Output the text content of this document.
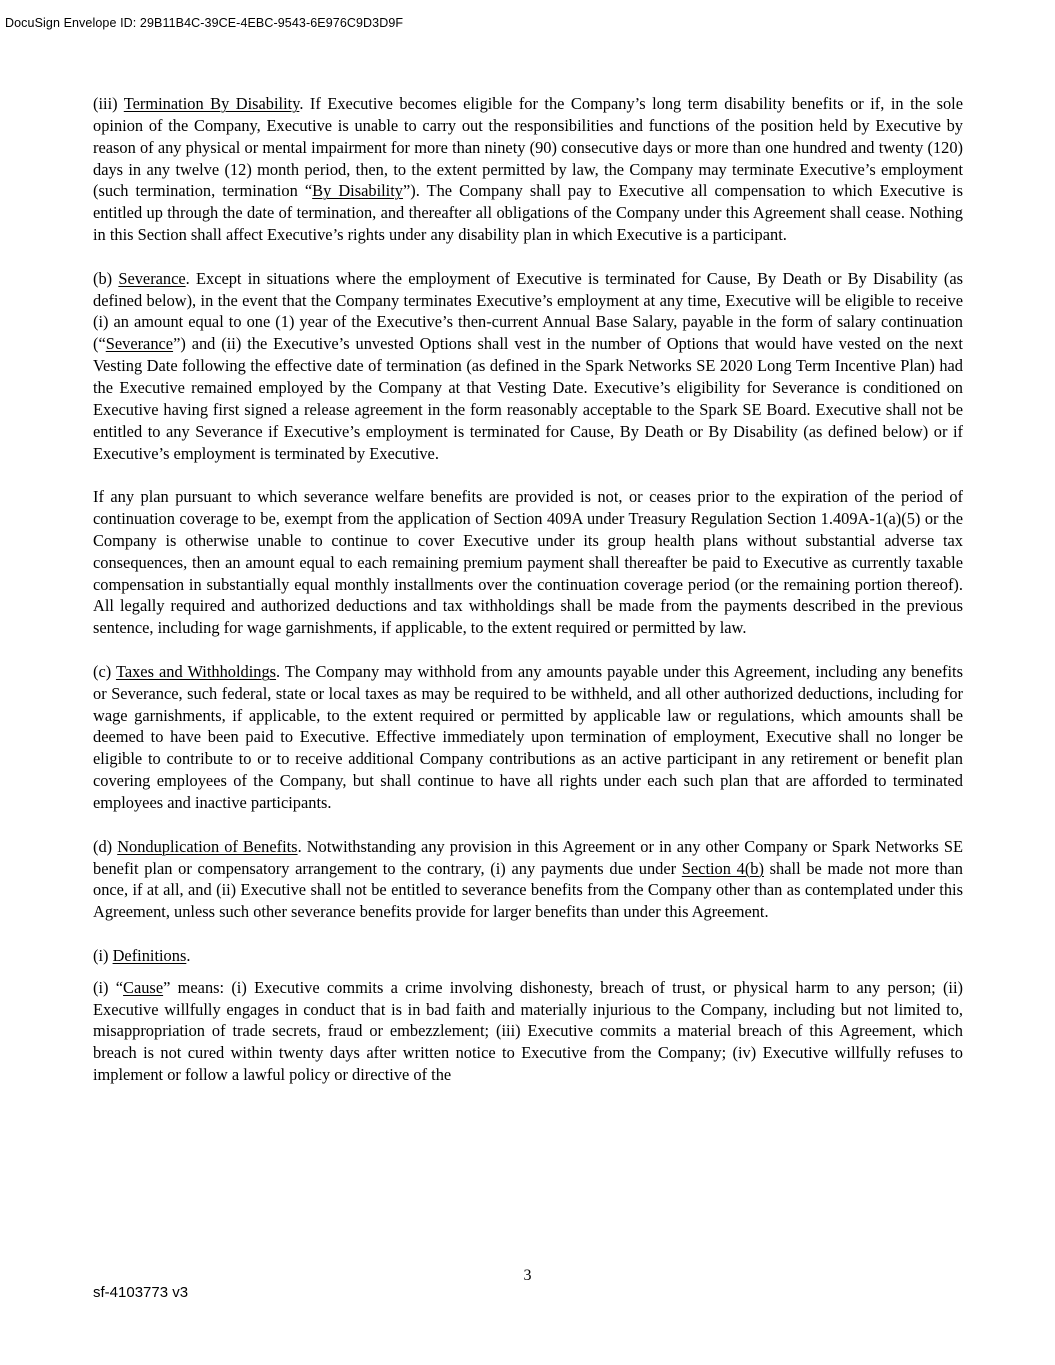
DocuSign Envelope ID: 29B11B4C-39CE-4EBC-9543-6E976C9D3D9F

(iii) Termination By Disability. If Executive becomes eligible for the Company’s long term disability benefits or if, in the sole opinion of the Company, Executive is unable to carry out the responsibilities and functions of the position held by Executive by reason of any physical or mental impairment for more than ninety (90) consecutive days or more than one hundred and twenty (120) days in any twelve (12) month period, then, to the extent permitted by law, the Company may terminate Executive’s employment (such termination, termination “By Disability”). The Company shall pay to Executive all compensation to which Executive is entitled up through the date of termination, and thereafter all obligations of the Company under this Agreement shall cease. Nothing in this Section shall affect Executive’s rights under any disability plan in which Executive is a participant.

(b) Severance. Except in situations where the employment of Executive is terminated for Cause, By Death or By Disability (as defined below), in the event that the Company terminates Executive’s employment at any time, Executive will be eligible to receive (i) an amount equal to one (1) year of the Executive’s then-current Annual Base Salary, payable in the form of salary continuation (“Severance”) and (ii) the Executive’s unvested Options shall vest in the number of Options that would have vested on the next Vesting Date following the effective date of termination (as defined in the Spark Networks SE 2020 Long Term Incentive Plan) had the Executive remained employed by the Company at that Vesting Date. Executive’s eligibility for Severance is conditioned on Executive having first signed a release agreement in the form reasonably acceptable to the Spark SE Board. Executive shall not be entitled to any Severance if Executive’s employment is terminated for Cause, By Death or By Disability (as defined below) or if Executive’s employment is terminated by Executive.

If any plan pursuant to which severance welfare benefits are provided is not, or ceases prior to the expiration of the period of continuation coverage to be, exempt from the application of Section 409A under Treasury Regulation Section 1.409A-1(a)(5) or the Company is otherwise unable to continue to cover Executive under its group health plans without substantial adverse tax consequences, then an amount equal to each remaining premium payment shall thereafter be paid to Executive as currently taxable compensation in substantially equal monthly installments over the continuation coverage period (or the remaining portion thereof). All legally required and authorized deductions and tax withholdings shall be made from the payments described in the previous sentence, including for wage garnishments, if applicable, to the extent required or permitted by law.

(c) Taxes and Withholdings. The Company may withhold from any amounts payable under this Agreement, including any benefits or Severance, such federal, state or local taxes as may be required to be withheld, and all other authorized deductions, including for wage garnishments, if applicable, to the extent required or permitted by applicable law or regulations, which amounts shall be deemed to have been paid to Executive. Effective immediately upon termination of employment, Executive shall no longer be eligible to contribute to or to receive additional Company contributions as an active participant in any retirement or benefit plan covering employees of the Company, but shall continue to have all rights under each such plan that are afforded to terminated employees and inactive participants.

(d) Nonduplication of Benefits. Notwithstanding any provision in this Agreement or in any other Company or Spark Networks SE benefit plan or compensatory arrangement to the contrary, (i) any payments due under Section 4(b) shall be made not more than once, if at all, and (ii) Executive shall not be entitled to severance benefits from the Company other than as contemplated under this Agreement, unless such other severance benefits provide for larger benefits than under this Agreement.

(i) Definitions.

(i) “Cause” means: (i) Executive commits a crime involving dishonesty, breach of trust, or physical harm to any person; (ii) Executive willfully engages in conduct that is in bad faith and materially injurious to the Company, including but not limited to, misappropriation of trade secrets, fraud or embezzlement; (iii) Executive commits a material breach of this Agreement, which breach is not cured within twenty days after written notice to Executive from the Company; (iv) Executive willfully refuses to implement or follow a lawful policy or directive of the

3
sf-4103773 v3
